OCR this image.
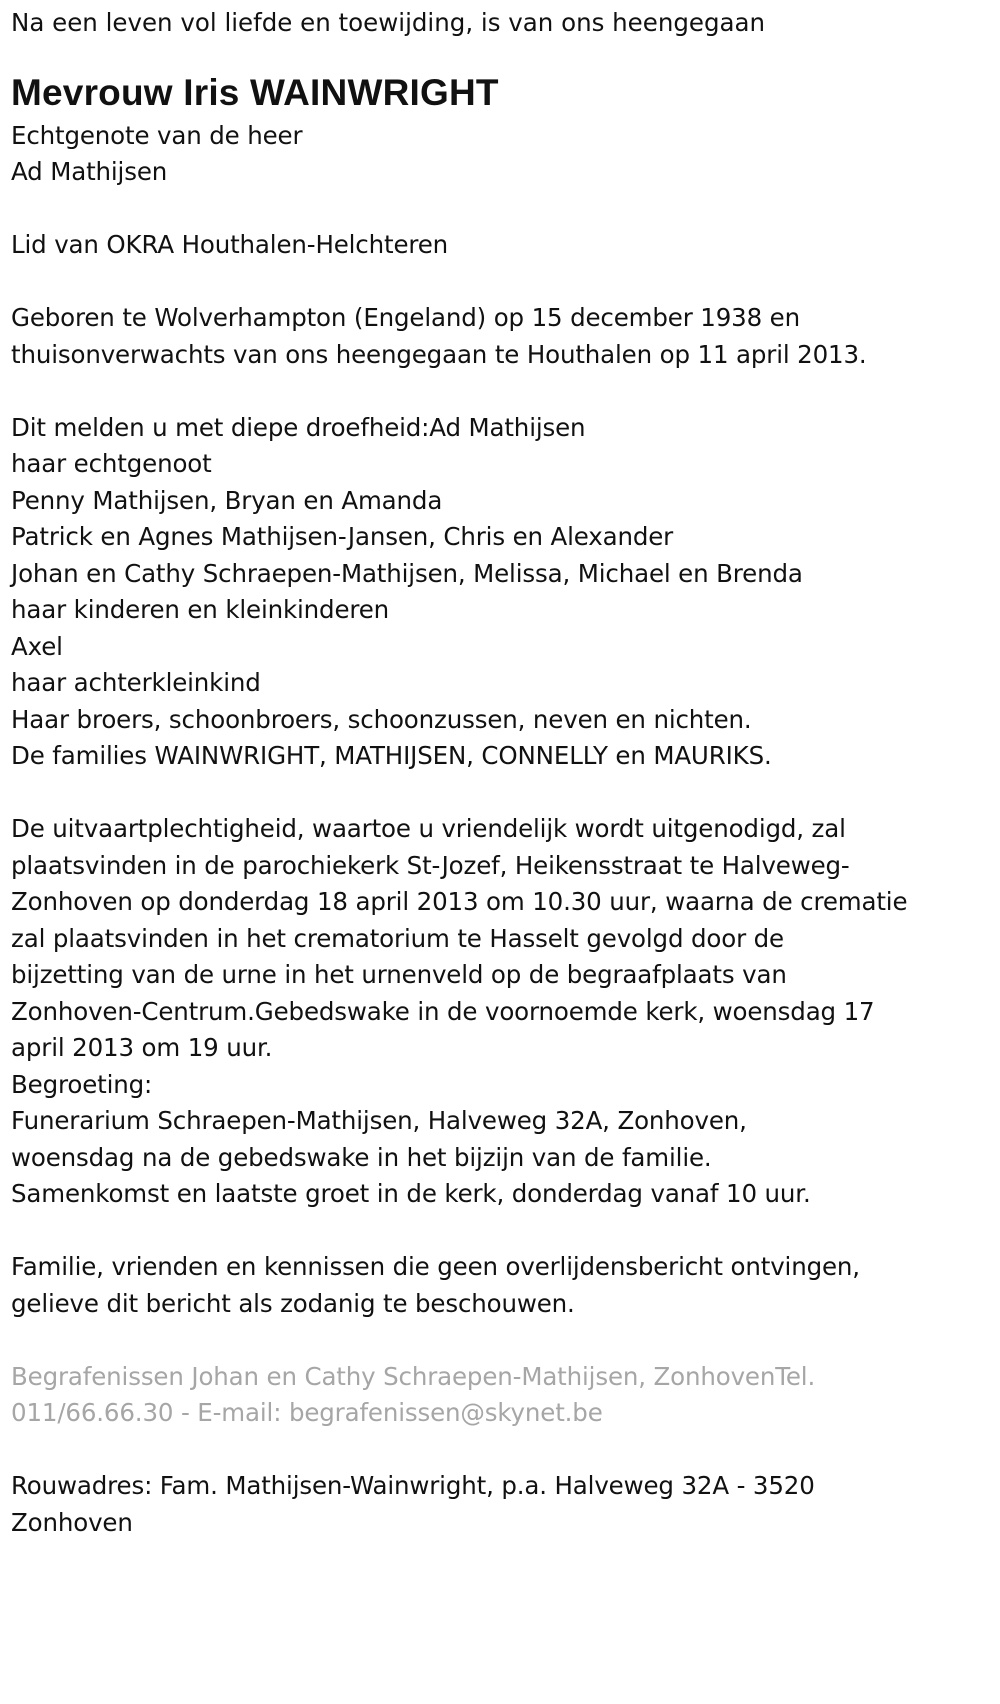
Na een leven vol liefde en toewijding, is van ons heengegaan
Mevrouw Iris WAINWRIGHT
Echtgenote van de heer
Ad Mathijsen
Lid van OKRA Houthalen-Helchteren
Geboren te Wolverhampton (Engeland) op 15 december 1938 en
thuisonverwachts van ons heengegaan te Houthalen op 11 april 2013.
Dit melden u met diepe droefheid:Ad Mathijsen
haar echtgenoot
Penny Mathijsen, Bryan en Amanda
Patrick en Agnes Mathijsen-Jansen, Chris en Alexander
Johan en Cathy Schraepen-Mathijsen, Melissa, Michael en Brenda
haar kinderen en kleinkinderen
Axel
haar achterkleinkind
Haar broers, schoonbroers, schoonzussen, neven en nichten.
De families WAINWRIGHT, MATHIJSEN, CONNELLY en MAURIKS.
De uitvaartplechtigheid, waartoe u vriendelijk wordt uitgenodigd, zal
plaatsvinden in de parochiekerk St-Jozef, Heikensstraat te Halveweg-
Zonhoven op donderdag 18 april 2013 om 10.30 uur, waarna de crematie
zal plaatsvinden in het crematorium te Hasselt gevolgd door de
bijzetting van de urne in het urnenveld op de begraafplaats van
Zonhoven-Centrum.Gebedswake in de voornoemde kerk, woensdag 17
april 2013 om 19 uur.
Begroeting:
Funerarium Schraepen-Mathijsen, Halveweg 32A, Zonhoven,
woensdag na de gebedswake in het bijzijn van de familie.
Samenkomst en laatste groet in de kerk, donderdag vanaf 10 uur.
Familie, vrienden en kennissen die geen overlijdensbericht ontvingen,
gelieve dit bericht als zodanig te beschouwen.
Begrafenissen Johan en Cathy Schraepen-Mathijsen, ZonhovenTel.
011/66.66.30 - E-mail: begrafenissen@skynet.be
Rouwadres: Fam. Mathijsen-Wainwright, p.a. Halveweg 32A - 3520
Zonhoven
